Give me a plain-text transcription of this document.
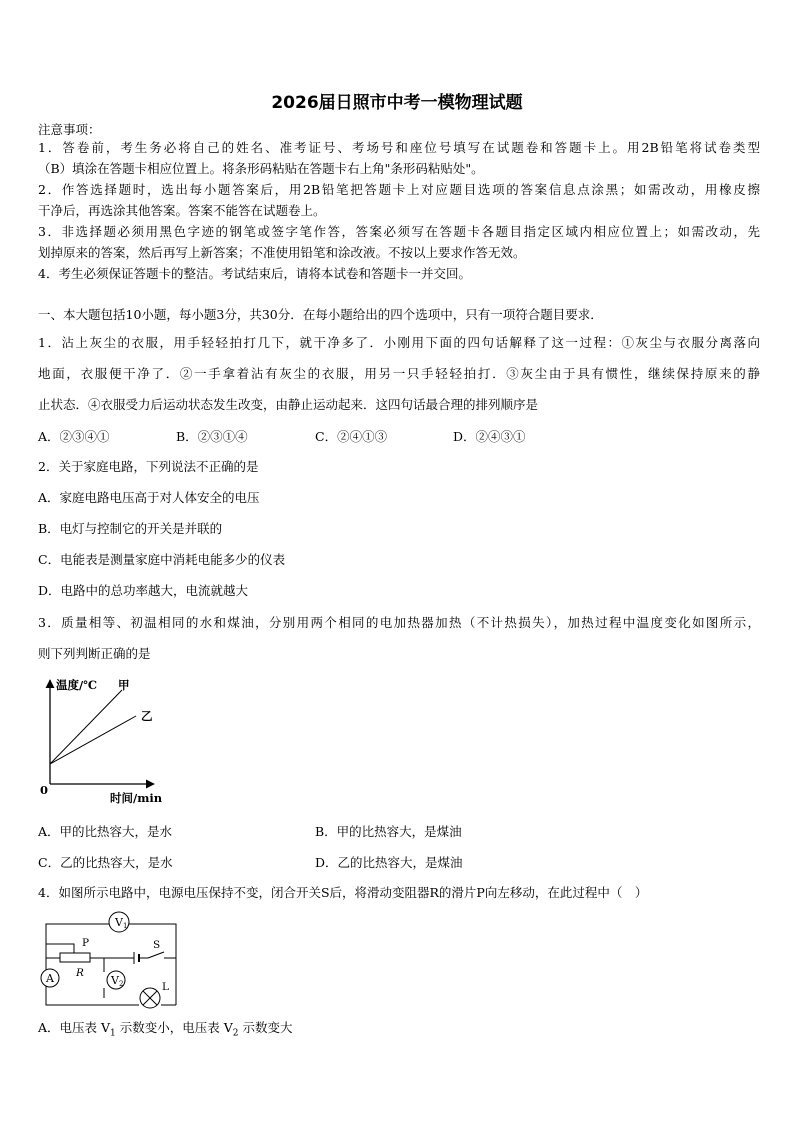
2026届日照市中考一模物理试题
注意事项：
1．答卷前，考生务必将自己的姓名、准考证号、考场号和座位号填写在试题卷和答题卡上。用2B铅笔将试卷类型
（B）填涂在答题卡相应位置上。将条形码粘贴在答题卡右上角"条形码粘贴处"。
2．作答选择题时，选出每小题答案后，用2B铅笔把答题卡上对应题目选项的答案信息点涂黑；如需改动，用橡皮擦
干净后，再选涂其他答案。答案不能答在试题卷上。
3．非选择题必须用黑色字迹的钢笔或签字笔作答，答案必须写在答题卡各题目指定区域内相应位置上；如需改动，先
划掉原来的答案，然后再写上新答案；不准使用铅笔和涂改液。不按以上要求作答无效。
4．考生必须保证答题卡的整洁。考试结束后，请将本试卷和答题卡一并交回。
一、本大题包括10小题，每小题3分，共30分．在每小题给出的四个选项中，只有一项符合题目要求．
1．沾上灰尘的衣服，用手轻轻拍打几下，就干净多了．小刚用下面的四句话解释了这一过程：①灰尘与衣服分离落向
地面，衣服便干净了．②一手拿着沾有灰尘的衣服，用另一只手轻轻拍打．③灰尘由于具有惯性，继续保持原来的静
止状态．④衣服受力后运动状态发生改变，由静止运动起来．这四句话最合理的排列顺序是
A．②③④①	B．②③①④	C．②④①③	D．②④③①
2．关于家庭电路，下列说法不正确的是
A．家庭电路电压高于对人体安全的电压
B．电灯与控制它的开关是并联的
C．电能表是测量家庭中消耗电能多少的仪表
D．电路中的总功率越大，电流就越大
3．质量相等、初温相同的水和煤油，分别用两个相同的电加热器加热（不计热损失），加热过程中温度变化如图所示，
则下列判断正确的是
温度/℃ 甲
乙
0
时间/min
A．甲的比热容大，是水	B．甲的比热容大，是煤油
C．乙的比热容大，是水	D．乙的比热容大，是煤油
4．如图所示电路中，电源电压保持不变，闭合开关S后，将滑动变阻器R的滑片P向左移动，在此过程中（　）
V1
A	V2
P
R
S
L
A．电压表 $V_1$ 示数变小，电压表 $V_2$ 示数变大
